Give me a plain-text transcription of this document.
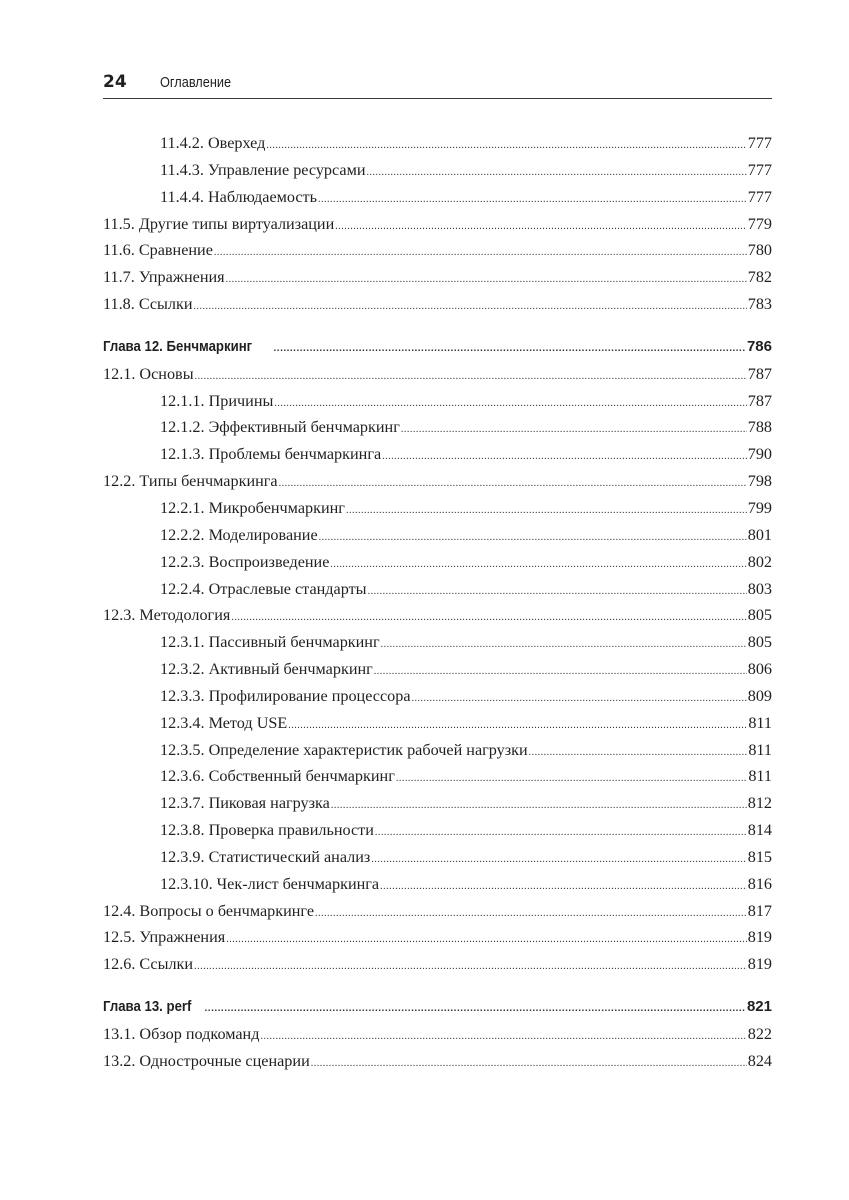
24 Оглавление
11.4.2. Оверхед .....	777
11.4.3. Управление ресурсами .....	777
11.4.4. Наблюдаемость .....	777
11.5. Другие типы виртуализации .....	779
11.6. Сравнение .....	780
11.7. Упражнения .....	782
11.8. Ссылки .....	783
Глава 12. Бенчмаркинг .....	786
12.1. Основы .....	787
12.1.1. Причины .....	787
12.1.2. Эффективный бенчмаркинг .....	788
12.1.3. Проблемы бенчмаркинга .....	790
12.2. Типы бенчмаркинга .....	798
12.2.1. Микробенчмаркинг .....	799
12.2.2. Моделирование .....	801
12.2.3. Воспроизведение .....	802
12.2.4. Отраслевые стандарты .....	803
12.3. Методология .....	805
12.3.1. Пассивный бенчмаркинг .....	805
12.3.2. Активный бенчмаркинг .....	806
12.3.3. Профилирование процессора .....	809
12.3.4. Метод USE .....	811
12.3.5. Определение характеристик рабочей нагрузки .....	811
12.3.6. Собственный бенчмаркинг .....	811
12.3.7. Пиковая нагрузка .....	812
12.3.8. Проверка правильности .....	814
12.3.9. Статистический анализ .....	815
12.3.10. Чек-лист бенчмаркинга .....	816
12.4. Вопросы о бенчмаркинге .....	817
12.5. Упражнения .....	819
12.6. Ссылки .....	819
Глава 13. perf .....	821
13.1. Обзор подкоманд .....	822
13.2. Однострочные сценарии .....	824
